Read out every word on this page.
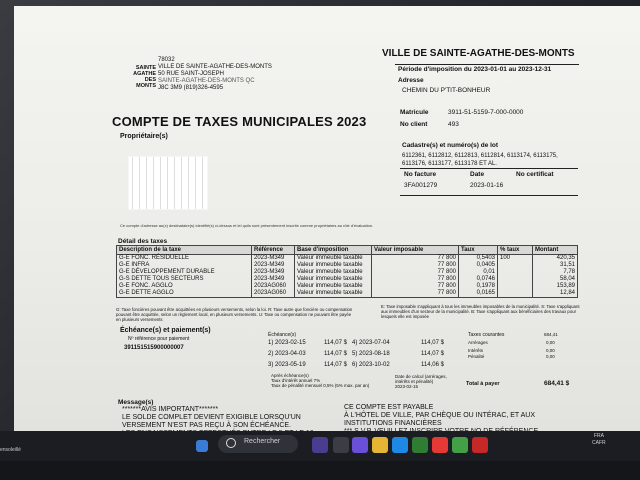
SAINTE
AGATHE
DES
MONTS
78032
VILLE DE SAINTE-AGATHE-DES-MONTS
50 RUE SAINT-JOSEPH
SAINTE-AGATHE-DES-MONTS QC
J8C 3M9 (819)326-4595
COMPTE DE TAXES MUNICIPALES 2023
Propriétaire(s)
Ce compte d'adresse au(x) destinataire(s) identifié(s) ci-dessus et lel quils sont présentement inscrite comme propriétaires au rôle d'évaluation.
VILLE DE SAINTE-AGATHE-DES-MONTS
Période d'imposition du 2023-01-01 au 2023-12-31
Adresse
CHEMIN DU P'TIT-BONHEUR
Matricule	3911-51-5159-7-000-0000
No client	493
Cadastre(s) et numéro(s) de lot
6112361, 6112812, 6112813, 6112814, 6113174, 6113175, 6113176, 6113177, 6113178 ET AL.
No facture
3FA001279
Date
2023-01-16
No certificat
Détail des taxes
Description de la taxe	Référence	Base d'imposition	Valeur imposable	Taux	% taux	Montant
G-E FONC. RÉSIDUELLE	2023-M349	Valeur immeuble taxable	77 800	0,5403	100	420,35
G-E INFRA	2023-M349	Valeur immeuble taxable	77 800	0,0405		31,51
G-E DÉVELOPPEMENT DURABLE	2023-M349	Valeur immeuble taxable	77 800	0,01		7,78
G-S DETTE TOUS SECTEURS	2023-M349	Valeur immeuble taxable	77 800	0,0746		58,04
G-E FONC. AGGLO	2023AG060	Valeur immeuble taxable	77 800	0,1978		153,89
G-E DETTE AGGLO	2023AG060	Valeur immeuble taxable	77 800	0,0165		12,84
G: Taxe foncières pouvant être acquittées en plusieurs versements, selon la loi. R: Taxe autre que foncière ou compensation pouvant être acquittée, selon un règlement local, en plusieurs versements. U: Taxe ou compensation ne pouvant être payée en plusieurs versements
E: Taxe imposable s'appliquant à tous les immeubles imposables de la municipalité. S: Taxe s'appliquant aux immeubles d'un secteur de la municipalité. B: Taxe s'appliquant aux bénéficiaires des travaux pour lesquels elle est imposée
Échéance(s) et paiement(s)
Nº référence pour paiement
391151515900000007
Échéance(s)
1) 2023-02-15	114,07 $ 4) 2023-07-04	114,07 $
2) 2023-04-03	114,07 $ 5) 2023-08-18	114,07 $
3) 2023-05-19	114,07 $ 6) 2023-10-02	114,06 $
Taxes courantes	684,41
Arrérages	0,00
Intérêts	0,00
Pénalité	0,00
Après échéance(s)
Taux d'intérêt annuel 7%
Taux de pénalité mensuel 0,5% (5% max. par an)
Date de calcul (arrérages,
intérêts et pénalité)
2023-02-15	Total à payer	684,41 $
Message(s)
*******AVIS IMPORTANT*******
LE SOLDE COMPLET DEVIENT EXIGIBLE LORSQU'UN
VERSEMENT N'EST PAS REÇU À SON ÉCHÉANCE.

CE COMPTE EST PAYABLE
À L'HÔTEL DE VILLE, PAR CHÈQUE OU INTÉRAC, ET AUX
INSTITUTIONS FINANCIÈRES

Rechercher
ensoleillé
FRA
CAFR
